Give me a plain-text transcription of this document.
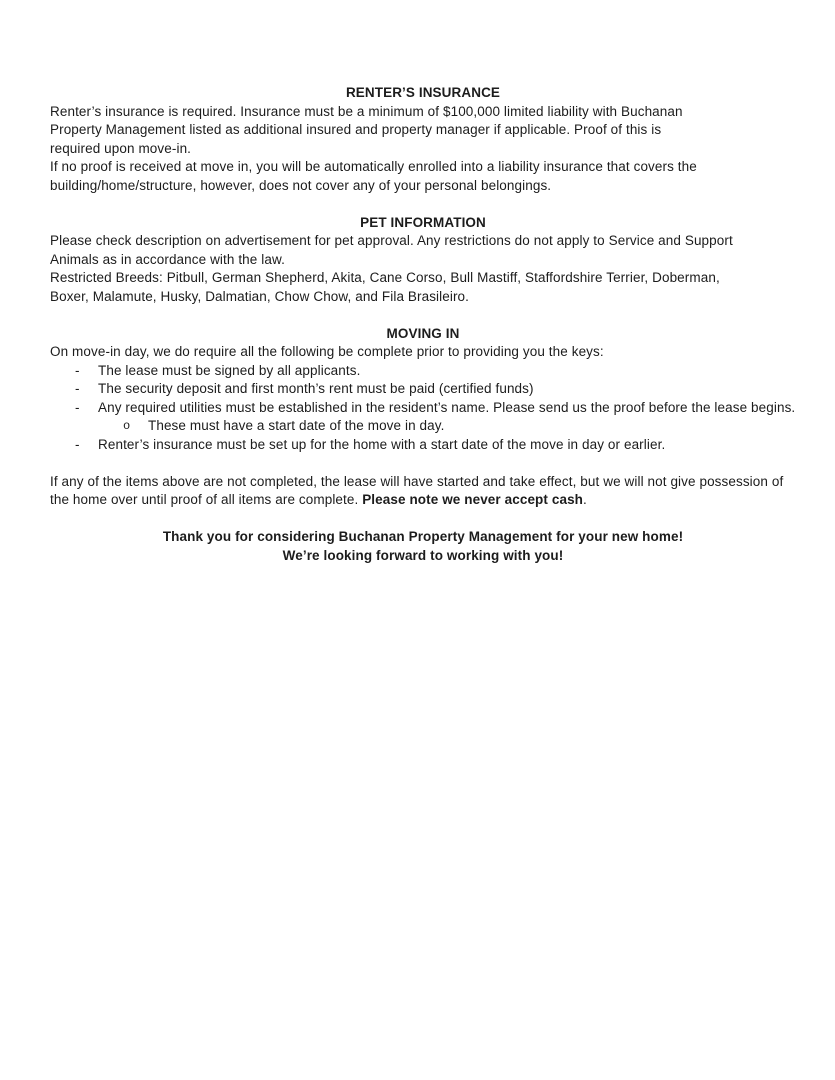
RENTER’S INSURANCE
Renter’s insurance is required. Insurance must be a minimum of $100,000 limited liability with Buchanan
Property Management listed as additional insured and property manager if applicable. Proof of this is
required upon move-in.
If no proof is received at move in, you will be automatically enrolled into a liability insurance that covers the
building/home/structure, however, does not cover any of your personal belongings.
PET INFORMATION
Please check description on advertisement for pet approval. Any restrictions do not apply to Service and Support
Animals as in accordance with the law.
Restricted Breeds: Pitbull, German Shepherd, Akita, Cane Corso, Bull Mastiff, Staffordshire Terrier, Doberman,
Boxer, Malamute, Husky, Dalmatian, Chow Chow, and Fila Brasileiro.
MOVING IN
On move-in day, we do require all the following be complete prior to providing you the keys:
- The lease must be signed by all applicants.
- The security deposit and first month’s rent must be paid (certified funds)
- Any required utilities must be established in the resident’s name. Please send us the proof before the lease begins.
o These must have a start date of the move in day.
- Renter’s insurance must be set up for the home with a start date of the move in day or earlier.
If any of the items above are not completed, the lease will have started and take effect, but we will not give possession of
the home over until proof of all items are complete. Please note we never accept cash.
Thank you for considering Buchanan Property Management for your new home!
We’re looking forward to working with you!
